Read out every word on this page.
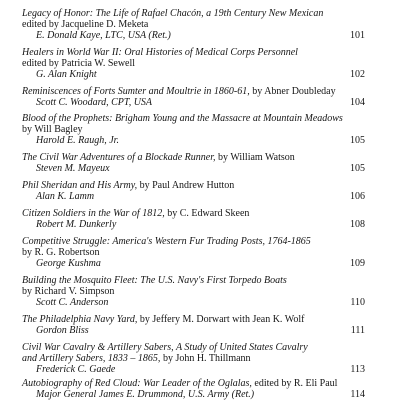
Legacy of Honor: The Life of Rafael Chacón, a 19th Century New Mexican
edited by Jacqueline D. Meketa
E. Donald Kaye, LTC, USA (Ret.)	101
Healers in World War II: Oral Histories of Medical Corps Personnel
edited by Patricia W. Sewell
G. Alan Knight	102
Reminiscences of Forts Sumter and Moultrie in 1860-61, by Abner Doubleday
Scott C. Woodard, CPT, USA	104
Blood of the Prophets: Brigham Young and the Massacre at Mountain Meadows
by Will Bagley
Harold E. Raugh, Jr.	105
The Civil War Adventures of a Blockade Runner, by William Watson
Steven M. Mayeux	105
Phil Sheridan and His Army, by Paul Andrew Hutton
Alan K. Lamm	106
Citizen Soldiers in the War of 1812, by C. Edward Skeen
Robert M. Dunkerly	108
Competitive Struggle: America's Western Fur Trading Posts, 1764-1865
by R. G. Robertson
George Kushma	109
Building the Mosquito Fleet: The U.S. Navy's First Torpedo Boats
by Richard V. Simpson
Scott C. Anderson	110
The Philadelphia Navy Yard, by Jeffery M. Dorwart with Jean K. Wolf
Gordon Bliss	111
Civil War Cavalry & Artillery Sabers, A Study of United States Cavalry
and Artillery Sabers, 1833 – 1865, by John H. Thillmann
Frederick C. Gaede	113
Autobiography of Red Cloud: War Leader of the Oglalas, edited by R. Eli Paul
Major General James E. Drummond, U.S. Army (Ret.)	114
